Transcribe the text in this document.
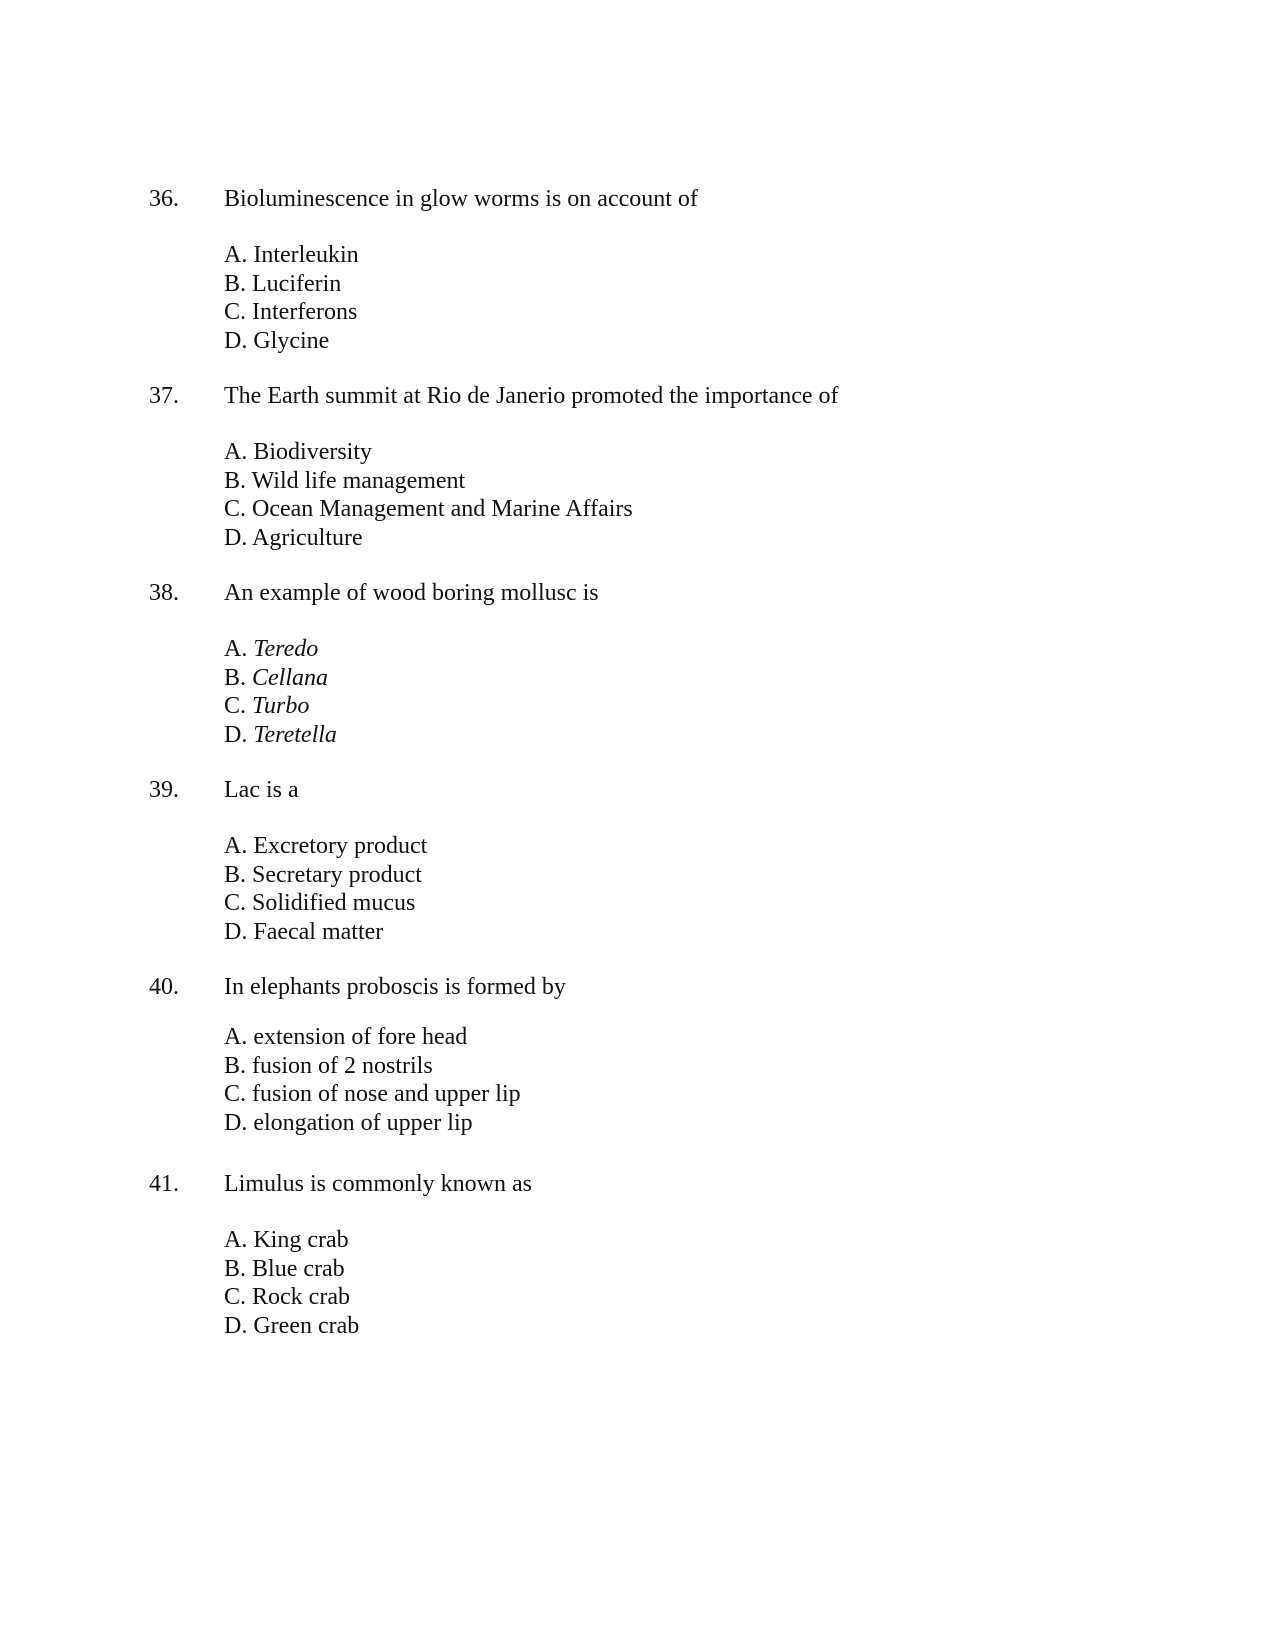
36. Bioluminescence in glow worms is on account of
A. Interleukin
B. Luciferin
C. Interferons
D. Glycine
37. The Earth summit at Rio de Janerio promoted the importance of
A. Biodiversity
B. Wild life management
C. Ocean Management and Marine Affairs
D. Agriculture
38. An example of wood boring mollusc is
A. Teredo
B. Cellana
C. Turbo
D. Teretella
39. Lac is a
A. Excretory product
B. Secretary product
C. Solidified mucus
D. Faecal matter
40. In elephants proboscis is formed by
A. extension of fore head
B. fusion of 2 nostrils
C. fusion of nose and upper lip
D. elongation of upper lip
41. Limulus is commonly known as
A. King crab
B. Blue crab
C. Rock crab
D. Green crab
